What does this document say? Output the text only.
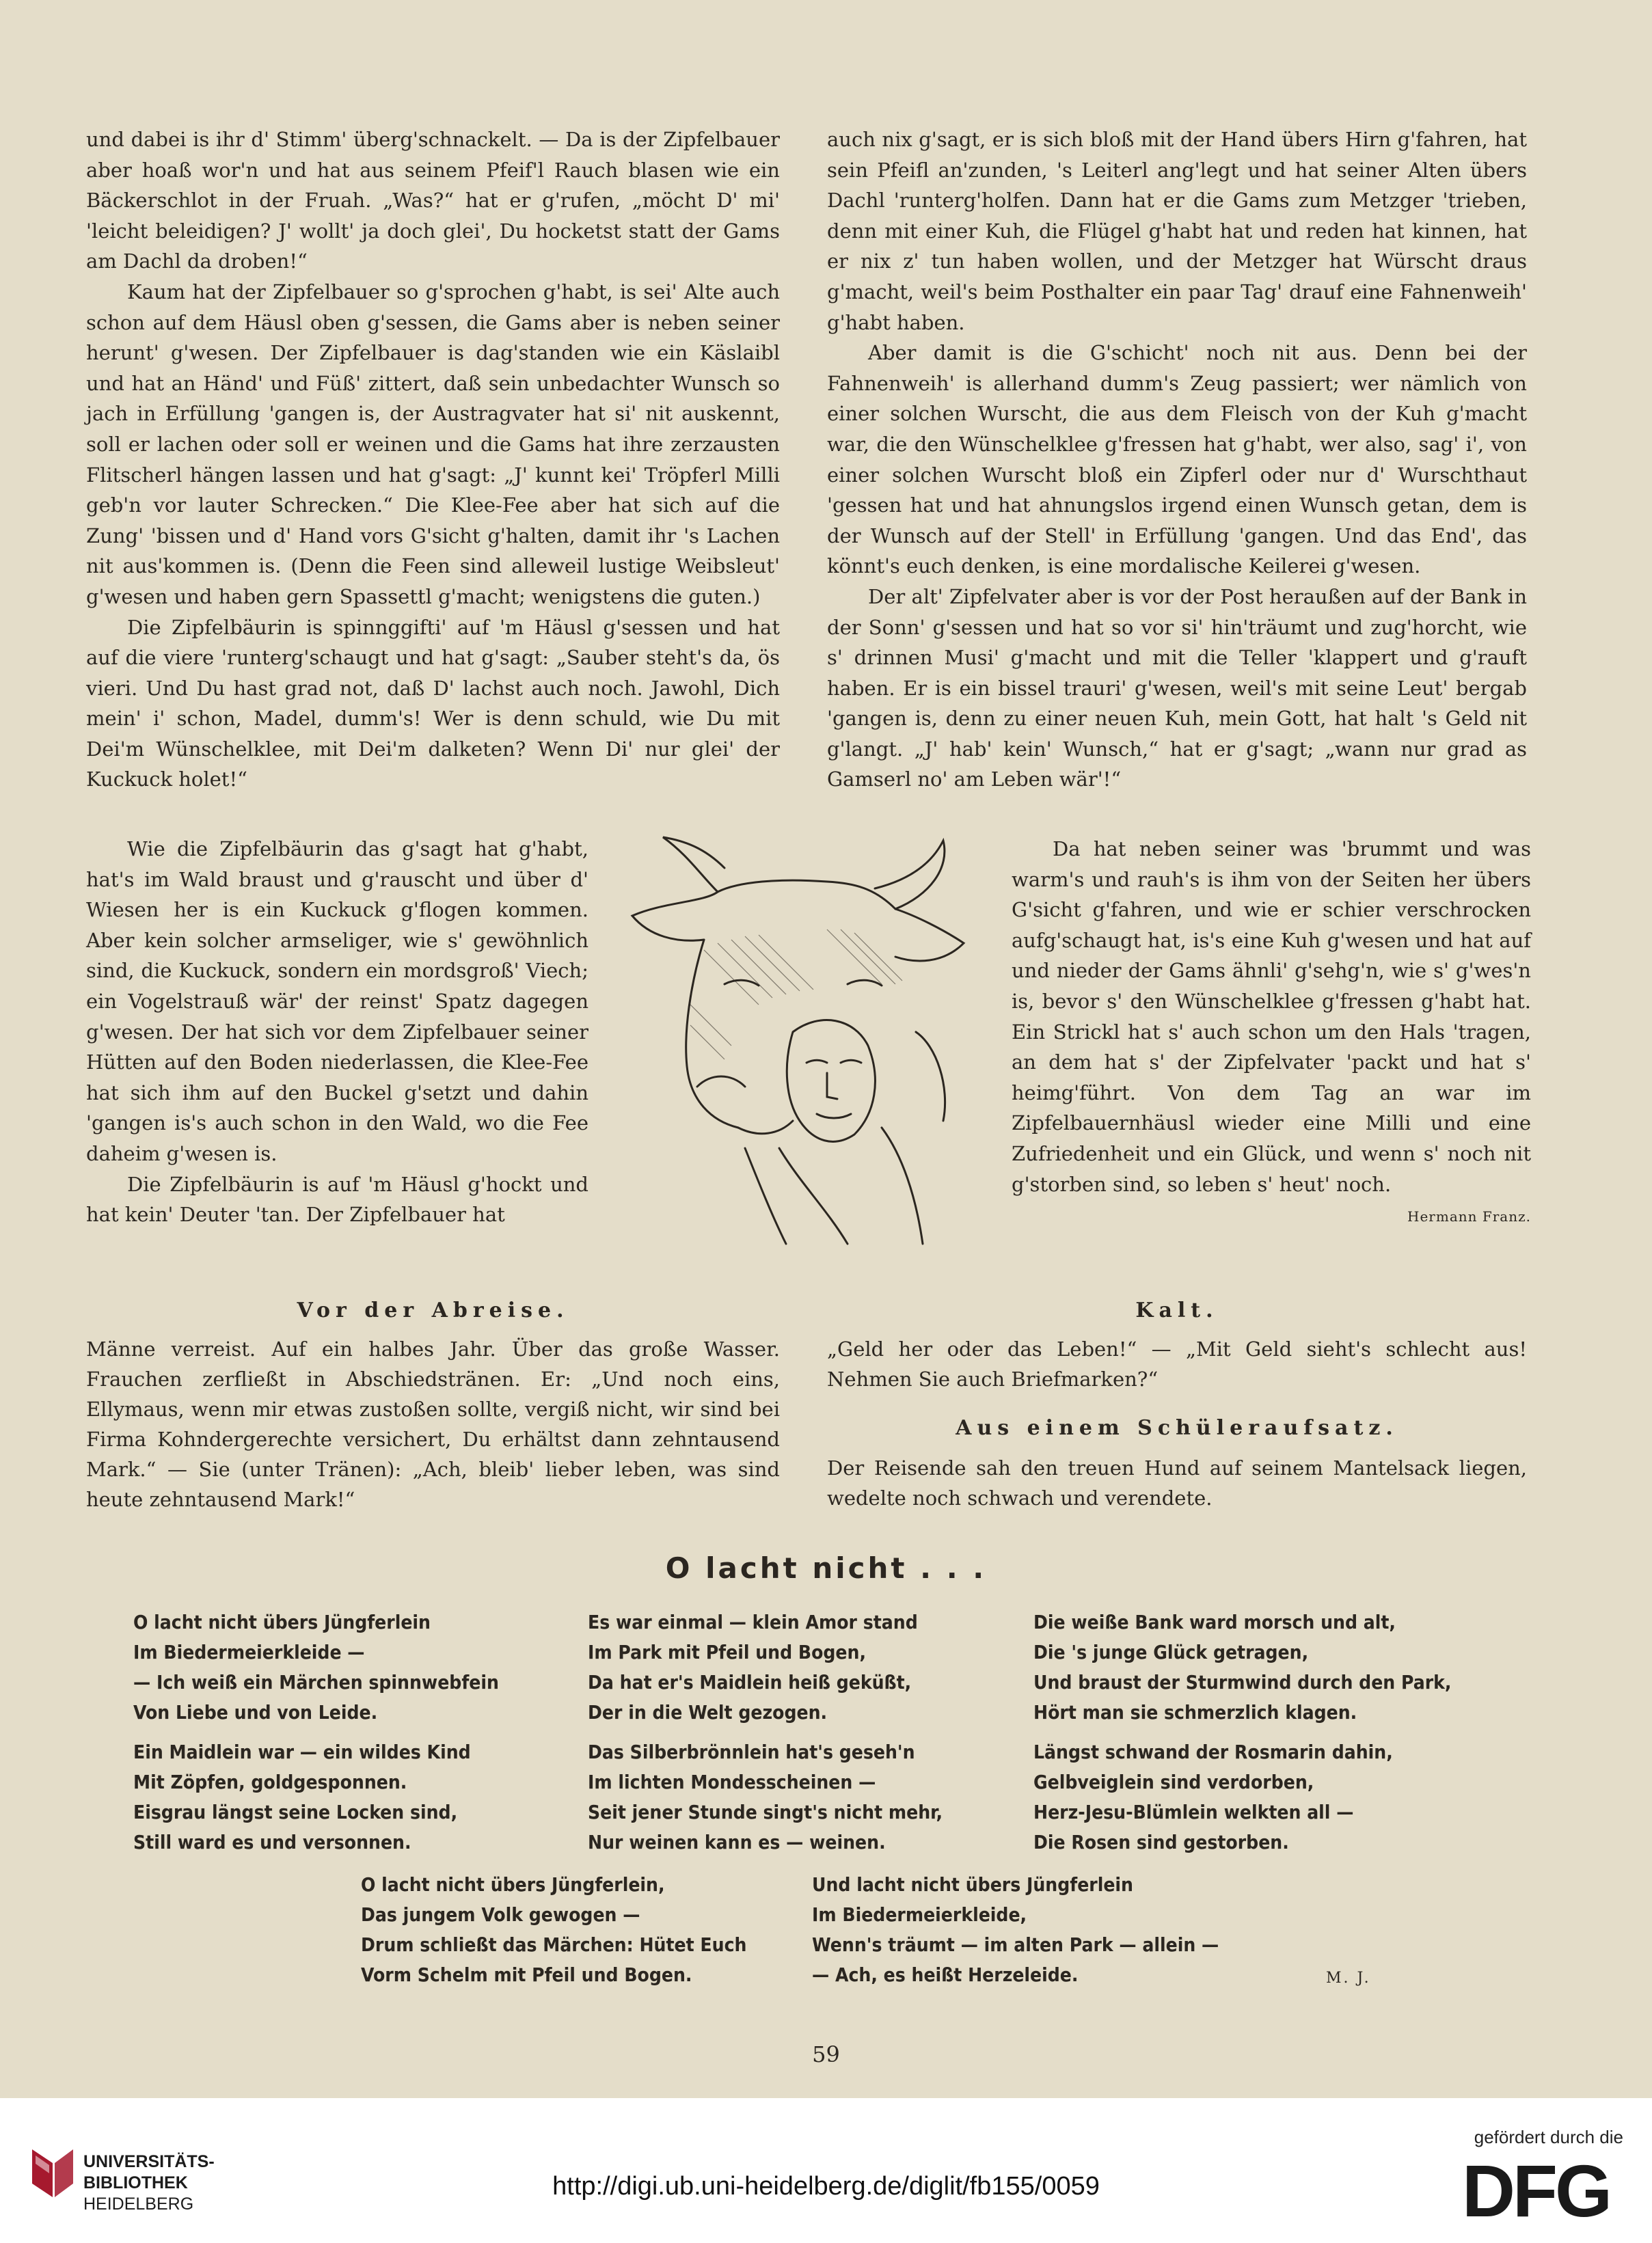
und dabei is ihr d' Stimm' überg'schnackelt. — Da is der Zipfelbauer aber hoaß wor'n und hat aus seinem Pfeif'l Rauch blasen wie ein Bäckerschlot in der Fruah. „Was?“ hat er g'rufen, „möcht D' mi' 'leicht beleidigen? J' wollt' ja doch glei', Du hocketst statt der Gams am Dachl da droben!“

Kaum hat der Zipfelbauer so g'sprochen g'habt, is sei' Alte auch schon auf dem Häusl oben g'sessen, die Gams aber is neben seiner herunt' g'wesen. Der Zipfelbauer is dag'standen wie ein Käslaibl und hat an Händ' und Füß' zittert, daß sein unbedachter Wunsch so jach in Erfüllung 'gangen is, der Austragvater hat si' nit auskennt, soll er lachen oder soll er weinen und die Gams hat ihre zerzausten Flitscherl hängen lassen und hat g'sagt: „J' kunnt kei' Tröpferl Milli geb'n vor lauter Schrecken.“ Die Klee-Fee aber hat sich auf die Zung' 'bissen und d' Hand vors G'sicht g'halten, damit ihr 's Lachen nit aus'kommen is. (Denn die Feen sind alleweil lustige Weibsleut' g'wesen und haben gern Spassettl g'macht; wenigstens die guten.)

Die Zipfelbäurin is spinnggifti' auf 'm Häusl g'sessen und hat auf die viere 'runterg'schaugt und hat g'sagt: „Sauber steht's da, ös vieri. Und Du hast grad not, daß D' lachst auch noch. Jawohl, Dich mein' i' schon, Madel, dumm's! Wer is denn schuld, wie Du mit Dei'm Wünschelklee, mit Dei'm dalketen? Wenn Di' nur glei' der Kuckuck holet!“

auch nix g'sagt, er is sich bloß mit der Hand übers Hirn g'fahren, hat sein Pfeifl an'zunden, 's Leiterl ang'legt und hat seiner Alten übers Dachl 'runterg'holfen. Dann hat er die Gams zum Metzger 'trieben, denn mit einer Kuh, die Flügel g'habt hat und reden hat kinnen, hat er nix z' tun haben wollen, und der Metzger hat Würscht draus g'macht, weil's beim Posthalter ein paar Tag' drauf eine Fahnenweih' g'habt haben.

Aber damit is die G'schicht' noch nit aus. Denn bei der Fahnenweih' is allerhand dumm's Zeug passiert; wer nämlich von einer solchen Wurscht, die aus dem Fleisch von der Kuh g'macht war, die den Wünschelklee g'fressen hat g'habt, wer also, sag' i', von einer solchen Wurscht bloß ein Zipferl oder nur d' Wurschthaut 'gessen hat und hat ahnungslos irgend einen Wunsch getan, dem is der Wunsch auf der Stell' in Erfüllung 'gangen. Und das End', das könnt's euch denken, is eine mordalische Keilerei g'wesen.

Der alt' Zipfelvater aber is vor der Post heraußen auf der Bank in der Sonn' g'sessen und hat so vor si' hin'träumt und zug'horcht, wie s' drinnen Musi' g'macht und mit die Teller 'klappert und g'rauft haben. Er is ein bissel trauri' g'wesen, weil's mit seine Leut' bergab 'gangen is, denn zu einer neuen Kuh, mein Gott, hat halt 's Geld nit g'langt. „J' hab' kein' Wunsch,“ hat er g'sagt; „wann nur grad as Gamserl no' am Leben wär'!“

Wie die Zipfelbäurin das g'sagt hat g'habt, hat's im Wald braust und g'rauscht und über d' Wiesen her is ein Kuckuck g'flogen kommen. Aber kein solcher armseliger, wie s' gewöhnlich sind, die Kuckuck, sondern ein mordsgroß' Viech; ein Vogelstrauß wär' der reinst' Spatz dagegen g'wesen. Der hat sich vor dem Zipfelbauer seiner Hütten auf den Boden niederlassen, die Klee-Fee hat sich ihm auf den Buckel g'setzt und dahin 'gangen is's auch schon in den Wald, wo die Fee daheim g'wesen is.

Die Zipfelbäurin is auf 'm Häusl g'hockt und hat kein' Deuter 'tan. Der Zipfelbauer hat

Da hat neben seiner was 'brummt und was warm's und rauh's is ihm von der Seiten her übers G'sicht g'fahren, und wie er schier verschrocken aufg'schaugt hat, is's eine Kuh g'wesen und hat auf und nieder der Gams ähnli' g'sehg'n, wie s' g'wes'n is, bevor s' den Wünschelklee g'fressen g'habt hat. Ein Strickl hat s' auch schon um den Hals 'tragen, an dem hat s' der Zipfelvater 'packt und hat s' heimg'führt. Von dem Tag an war im Zipfelbauernhäusl wieder eine Milli und eine Zufriedenheit und ein Glück, und wenn s' noch nit g'storben sind, so leben s' heut' noch.

Hermann Franz.
Vor der Abreise.
Männe verreist. Auf ein halbes Jahr. Über das große Wasser. Frauchen zerfließt in Abschiedstränen. Er: „Und noch eins, Ellymaus, wenn mir etwas zustoßen sollte, vergiß nicht, wir sind bei Firma Kohndergerechte versichert, Du erhältst dann zehntausend Mark.“ — Sie (unter Tränen): „Ach, bleib' lieber leben, was sind heute zehntausend Mark!“
Kalt.
„Geld her oder das Leben!“ — „Mit Geld sieht's schlecht aus! Nehmen Sie auch Briefmarken?“
Aus einem Schüleraufsatz.
Der Reisende sah den treuen Hund auf seinem Mantelsack liegen, wedelte noch schwach und verendete.
O lacht nicht . . .
O lacht nicht übers Jüngferlein
Im Biedermeierkleide —
— Ich weiß ein Märchen spinnwebfein
Von Liebe und von Leide.
Es war einmal — klein Amor stand
Im Park mit Pfeil und Bogen,
Da hat er's Maidlein heiß geküßt,
Der in die Welt gezogen.
Die weiße Bank ward morsch und alt,
Die 's junge Glück getragen,
Und braust der Sturmwind durch den Park,
Hört man sie schmerzlich klagen.
Ein Maidlein war — ein wildes Kind
Mit Zöpfen, goldgesponnen.
Eisgrau längst seine Locken sind,
Still ward es und versonnen.
Das Silberbrönnlein hat's geseh'n
Im lichten Mondesscheinen —
Seit jener Stunde singt's nicht mehr,
Nur weinen kann es — weinen.
Längst schwand der Rosmarin dahin,
Gelbveiglein sind verdorben,
Herz-Jesu-Blümlein welkten all —
Die Rosen sind gestorben.
O lacht nicht übers Jüngferlein,
Das jungem Volk gewogen —
Drum schließt das Märchen: Hütet Euch
Vorm Schelm mit Pfeil und Bogen.
Und lacht nicht übers Jüngferlein
Im Biedermeierkleide,
Wenn's träumt — im alten Park — allein —
— Ach, es heißt Herzeleide.	M. J.
59
UNIVERSITÄTS-
BIBLIOTHEK
HEIDELBERG
http://digi.ub.uni-heidelberg.de/diglit/fb155/0059
gefördert durch die
DFG
